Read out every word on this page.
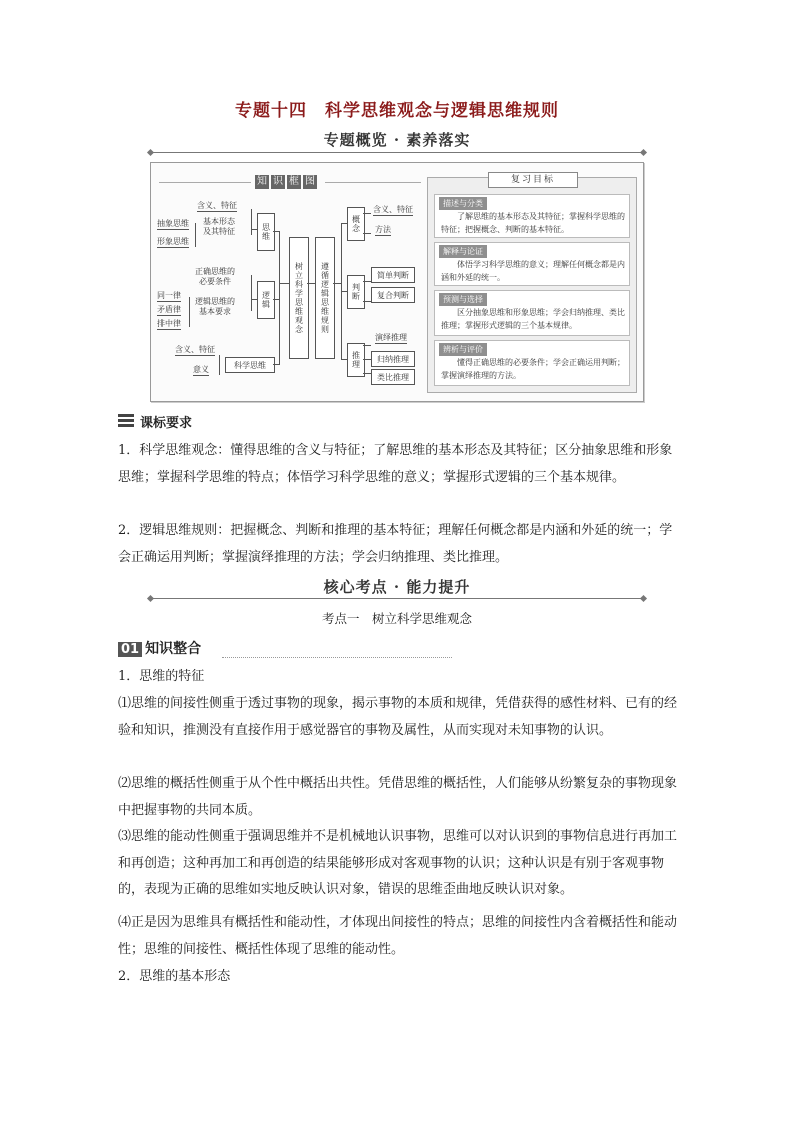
专题十四　科学思维观念与逻辑思维规则
专题概览 · 素养落实
知 识 框 图
含义、特征
基本形态
及其特征
抽象思维
形象思维
思维
正确思维的
必要条件
逻辑思维的
基本要求
同一律
矛盾律
排中律
逻辑
含义、特征
意义	科学思维
树立科学思维观念	遵循逻辑思维规则
概念
含义、特征
方法
判断
简单判断
复合判断
推理
演绎推理
归纳推理
类比推理
复习目标
描述与分类
了解思维的基本形态及其特征；掌握科学思维的特征；把握概念、判断的基本特征。
解释与论证
体悟学习科学思维的意义；理解任何概念都是内涵和外延的统一。
预测与选择
区分抽象思维和形象思维；学会归纳推理、类比推理；掌握形式逻辑的三个基本规律。
辨析与评价
懂得正确思维的必要条件；学会正确运用判断；掌握演绎推理的方法。
课标要求
1．科学思维观念：懂得思维的含义与特征；了解思维的基本形态及其特征；区分抽象思维和形象思维；掌握科学思维的特点；体悟学习科学思维的意义；掌握形式逻辑的三个基本规律。
2．逻辑思维规则：把握概念、判断和推理的基本特征；理解任何概念都是内涵和外延的统一；学会正确运用判断；掌握演绎推理的方法；学会归纳推理、类比推理。
核心考点 · 能力提升
考点一　树立科学思维观念
01 知识整合
1．思维的特征
⑴思维的间接性侧重于透过事物的现象，揭示事物的本质和规律，凭借获得的感性材料、已有的经验和知识，推测没有直接作用于感觉器官的事物及属性，从而实现对未知事物的认识。
⑵思维的概括性侧重于从个性中概括出共性。凭借思维的概括性，人们能够从纷繁复杂的事物现象中把握事物的共同本质。
⑶思维的能动性侧重于强调思维并不是机械地认识事物，思维可以对认识到的事物信息进行再加工和再创造；这种再加工和再创造的结果能够形成对客观事物的认识；这种认识是有别于客观事物的，表现为正确的思维如实地反映认识对象，错误的思维歪曲地反映认识对象。
⑷正是因为思维具有概括性和能动性，才体现出间接性的特点；思维的间接性内含着概括性和能动性；思维的间接性、概括性体现了思维的能动性。
2．思维的基本形态
